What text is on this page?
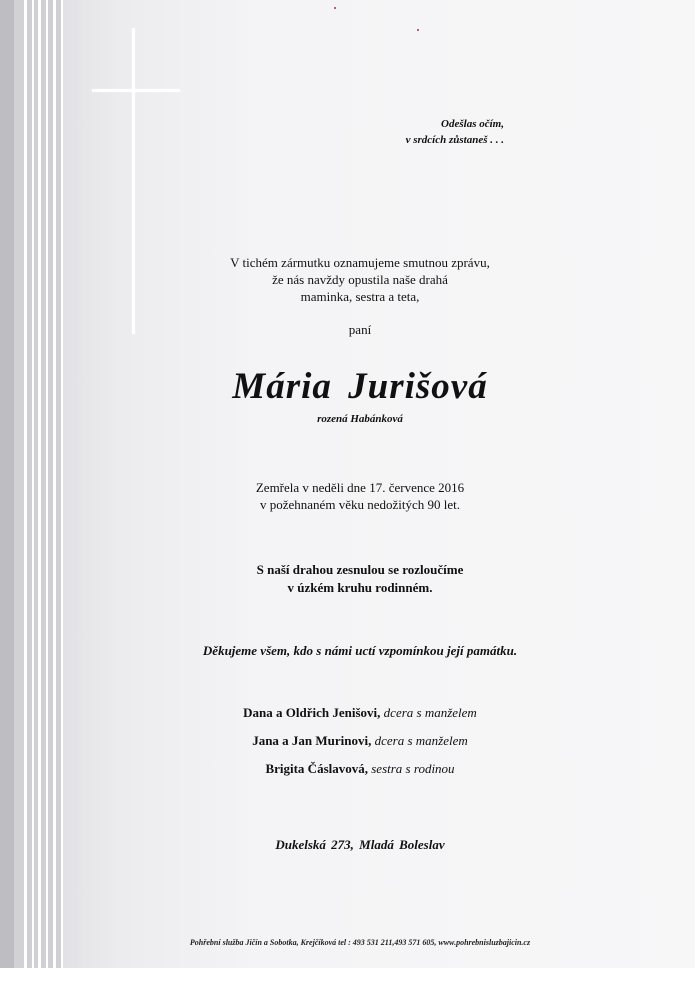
Odešlas očím,
v srdcích zůstaneš . . .
V tichém zármutku oznamujeme smutnou zprávu,
že nás navždy opustila naše drahá
maminka, sestra a teta,
paní
Mária Jurišová
rozená Habánková
Zemřela v neděli dne 17. července 2016
v požehnaném věku nedožitých 90 let.
S naší drahou zesnulou se rozloučíme
v úzkém kruhu rodinném.
Děkujeme všem, kdo s námi uctí vzpomínkou její památku.
Dana a Oldřich Jenišovi, dcera s manželem
Jana a Jan Murinovi, dcera s manželem
Brigita Čáslavová, sestra s rodinou
Dukelská 273, Mladá Boleslav
Pohřební služba Jičín a Sobotka, Krejčíková tel : 493 531 211,493 571 605, www.pohrebnisluzbajicin.cz
